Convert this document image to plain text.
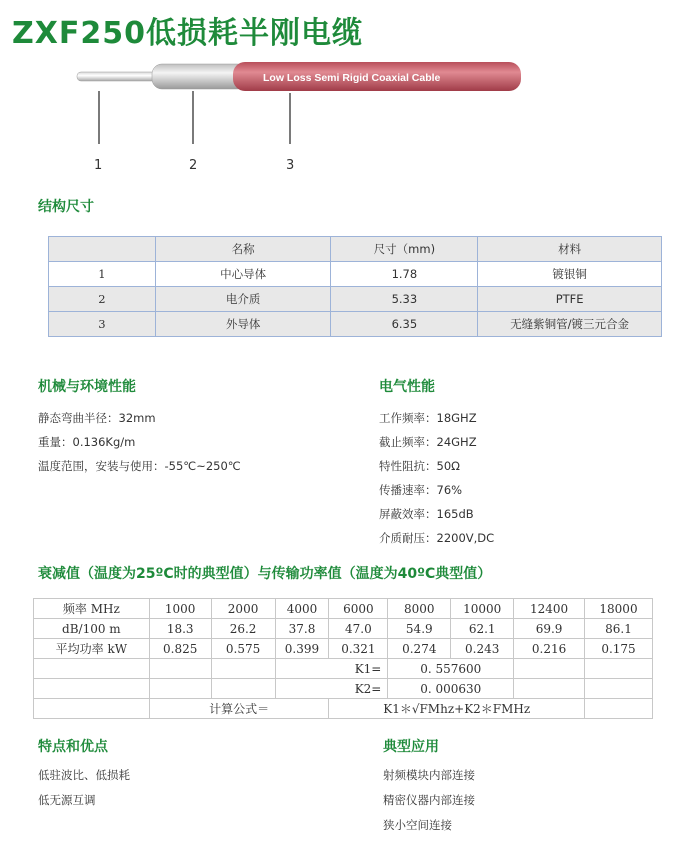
ZXF250低损耗半刚电缆
Low Loss Semi Rigid Coaxial Cable
1	2	3
结构尺寸
	名称	尺寸（mm)	材料
1	中心导体	1.78	镀银铜
2	电介质	5.33	PTFE
3	外导体	6.35	无缝紫铜管/镀三元合金
机械与环境性能
静态弯曲半径：32mm
重量：0.136Kg/m
温度范围，安装与使用：-55℃~250℃
电气性能
工作频率：18GHZ
截止频率：24GHZ
特性阻抗：50Ω
传播速率：76%
屏蔽效率：165dB
介质耐压：2200V,DC
衰减值（温度为25ºC时的典型值）与传输功率值（温度为40ºC典型值）
频率 MHz	1000	2000	4000	6000	8000	10000	12400	18000
dB/100 m	18.3	26.2	37.8	47.0	54.9	62.1	69.9	86.1
平均功率 kW	0.825	0.575	0.399	0.321	0.274	0.243	0.216	0.175
			K1=		0. 557600			
			K2=		0. 000630			
	计算公式＝			K1＊√FMhz+K2＊FMHz				
特点和优点
低驻波比、低损耗
低无源互调
典型应用
射频模块内部连接
精密仪器内部连接
狭小空间连接
